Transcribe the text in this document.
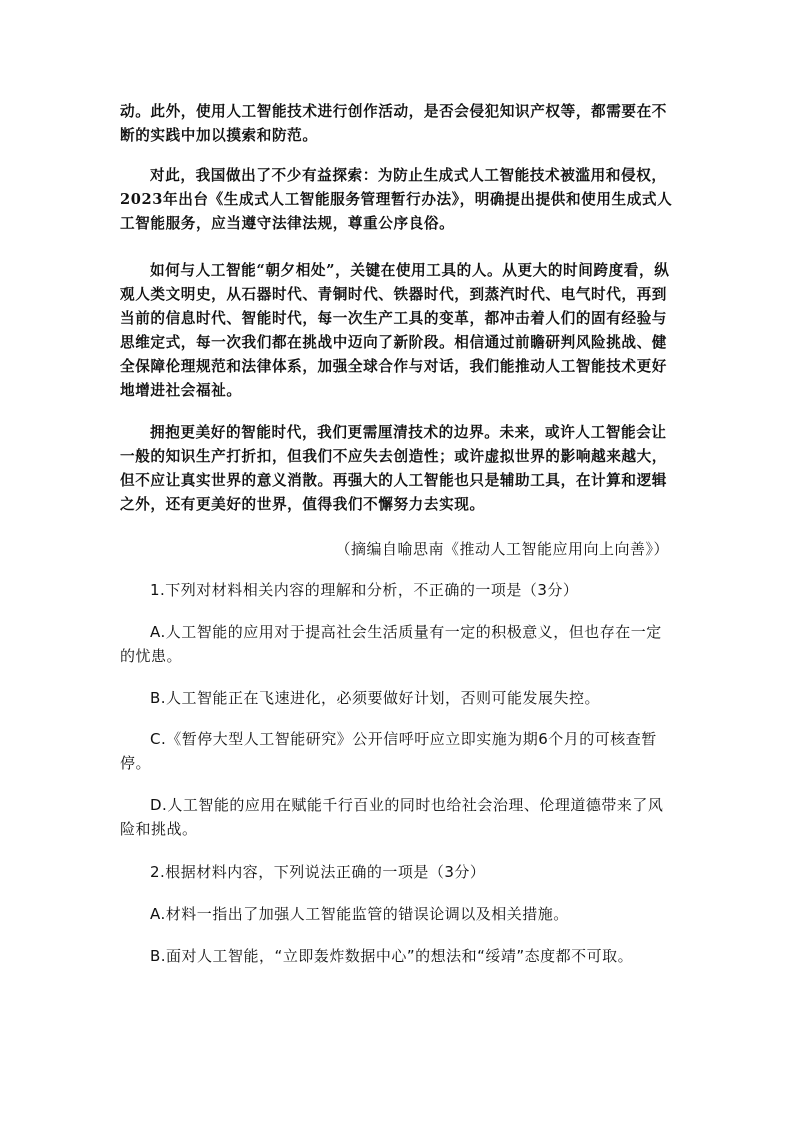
动。此外，使用人工智能技术进行创作活动，是否会侵犯知识产权等，都需要在不断的实践中加以摸索和防范。

对此，我国做出了不少有益探索：为防止生成式人工智能技术被滥用和侵权，2023年出台《生成式人工智能服务管理暂行办法》，明确提出提供和使用生成式人工智能服务，应当遵守法律法规，尊重公序良俗。

如何与人工智能“朝夕相处”，关键在使用工具的人。从更大的时间跨度看，纵观人类文明史，从石器时代、青铜时代、铁器时代，到蒸汽时代、电气时代，再到当前的信息时代、智能时代，每一次生产工具的变革，都冲击着人们的固有经验与思维定式，每一次我们都在挑战中迈向了新阶段。相信通过前瞻研判风险挑战、健全保障伦理规范和法律体系，加强全球合作与对话，我们能推动人工智能技术更好地增进社会福祉。

拥抱更美好的智能时代，我们更需厘清技术的边界。未来，或许人工智能会让一般的知识生产打折扣，但我们不应失去创造性；或许虚拟世界的影响越来越大，但不应让真实世界的意义消散。再强大的人工智能也只是辅助工具，在计算和逻辑之外，还有更美好的世界，值得我们不懈努力去实现。

（摘编自喻思南《推动人工智能应用向上向善》）

1.下列对材料相关内容的理解和分析，不正确的一项是（3分）

A.人工智能的应用对于提高社会生活质量有一定的积极意义，但也存在一定的忧患。

B.人工智能正在飞速进化，必须要做好计划，否则可能发展失控。

C.《暂停大型人工智能研究》公开信呼吁应立即实施为期6个月的可核查暂停。

D.人工智能的应用在赋能千行百业的同时也给社会治理、伦理道德带来了风险和挑战。

2.根据材料内容，下列说法正确的一项是（3分）

A.材料一指出了加强人工智能监管的错误论调以及相关措施。

B.面对人工智能，“立即轰炸数据中心”的想法和“绥靖”态度都不可取。
